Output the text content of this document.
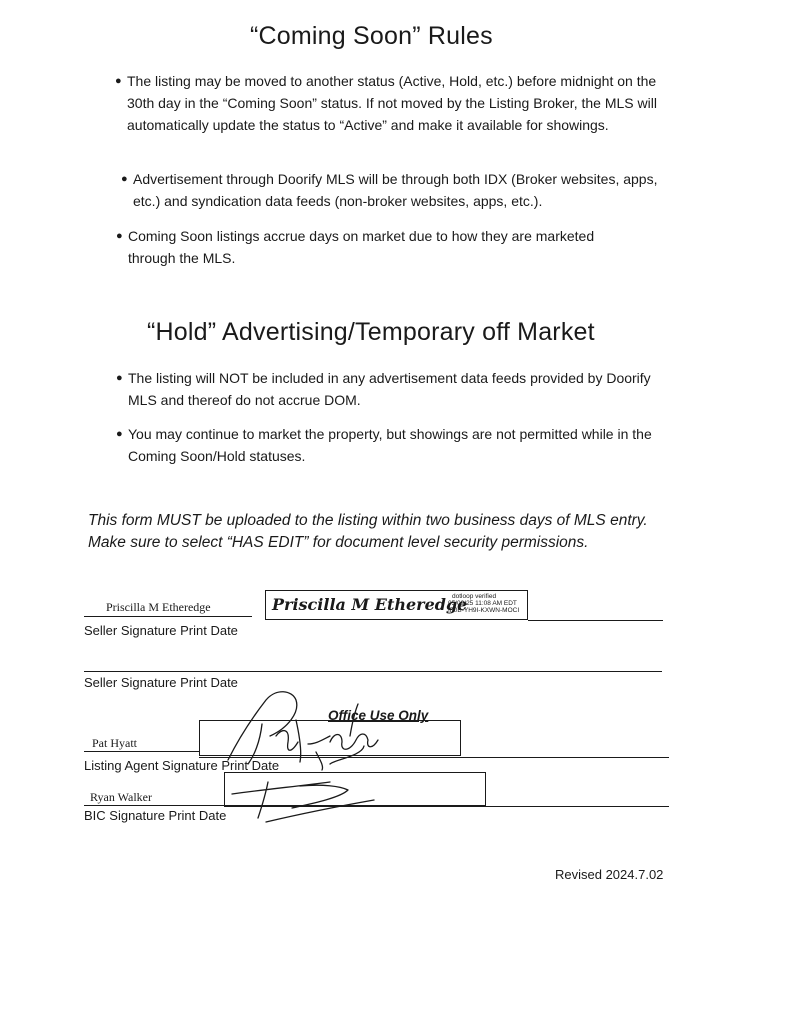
“Coming Soon” Rules
● The listing may be moved to another status (Active, Hold, etc.) before midnight on the 30th day in the “Coming Soon” status. If not moved by the Listing Broker, the MLS will automatically update the status to “Active” and make it available for showings.
● Advertisement through Doorify MLS will be through both IDX (Broker websites, apps, etc.) and syndication data feeds (non-broker websites, apps, etc.).
● Coming Soon listings accrue days on market due to how they are marketed through the MLS.
“Hold” Advertising/Temporary off Market
● The listing will NOT be included in any advertisement data feeds provided by Doorify MLS and thereof do not accrue DOM.
● You may continue to market the property, but showings are not permitted while in the Coming Soon/Hold statuses.
This form MUST be uploaded to the listing within two business days of MLS entry. Make sure to select “HAS EDIT” for document level security permissions.
Priscilla M Etheredge	Priscilla M Etheredge
dotloop verified
05/09/25 11:08 AM EDT
IF0B-YH9I-KXWN-MOCI
Seller Signature Print Date
Seller Signature Print Date
Office Use Only
Pat Hyatt
Listing Agent Signature Print Date
Ryan Walker
BIC Signature Print Date
Revised 2024.7.02
